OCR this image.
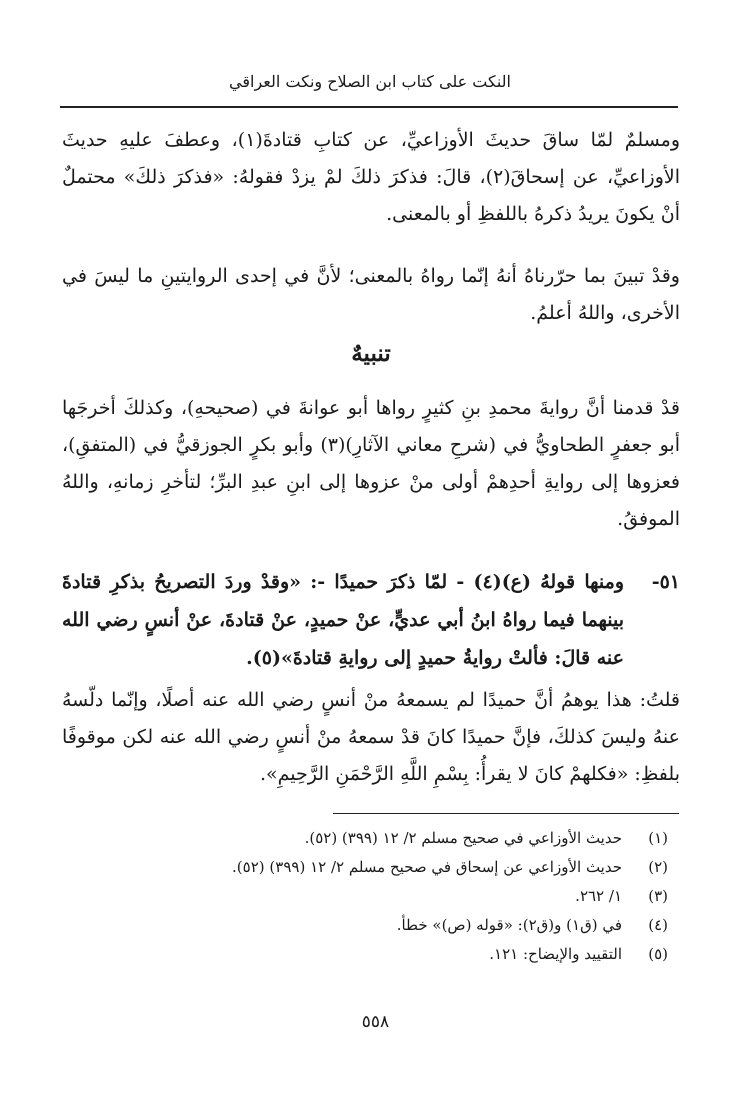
النكت على كتاب ابن الصلاح ونكت العراقي
ومسلمٌ لمّا ساقَ حديثَ الأوزاعيِّ، عن كتابِ قتادةَ(١)، وعطفَ عليهِ حديثَ الأوزاعيِّ، عن إسحاقَ(٢)، قالَ: فذكرَ ذلكَ لمْ يزدْ فقولهُ: «فذكرَ ذلكَ» محتملٌ أنْ يكونَ يريدُ ذكرهُ باللفظِ أو بالمعنى.
وقدْ تبينَ بما حرّرناهُ أنهُ إنّما رواهُ بالمعنى؛ لأنَّ في إحدى الروايتينِ ما ليسَ في الأخرى، واللهُ أعلمُ.
تنبيهٌ
قدْ قدمنا أنَّ روايةَ محمدِ بنِ كثيرٍ رواها أبو عوانةَ في (صحيحهِ)، وكذلكَ أخرجَها أبو جعفرٍ الطحاويُّ في (شرحِ معاني الآثارِ)(٣) وأبو بكرٍ الجوزقيُّ في (المتفقِ)، فعزوها إلى روايةِ أحدِهمْ أولى منْ عزوها إلى ابنِ عبدِ البرِّ؛ لتأخرِ زمانهِ، واللهُ الموفقُ.
٥١-
ومنها قولهُ (ع)(٤) - لمّا ذكرَ حميدًا -: «وقدْ وردَ التصريحُ بذكرِ قتادةَ بينهما فيما رواهُ ابنُ أبي عديٍّ، عنْ حميدٍ، عنْ قتادةَ، عنْ أنسٍ رضي الله عنه قالَ: فألتْ روايةُ حميدٍ إلى روايةِ قتادةَ»(٥).
قلتُ: هذا يوهمُ أنَّ حميدًا لم يسمعهُ منْ أنسٍ رضي الله عنه أصلًا، وإنّما دلّسهُ عنهُ وليسَ كذلكَ، فإنَّ حميدًا كانَ قدْ سمعهُ منْ أنسٍ رضي الله عنه لكن موقوفًا بلفظِ: «فكلهمْ كانَ لا يقرأُ: بِسْمِ اللَّهِ الرَّحْمَنِ الرَّحِيمِ».
(١)
حديث الأوزاعي في صحيح مسلم ٢/ ١٢ (٣٩٩) (٥٢).
(٢)
حديث الأوزاعي عن إسحاق في صحيح مسلم ٢/ ١٢ (٣٩٩) (٥٢).
(٣)
١/ ٢٦٢.
(٤)
في (ق١) و(ق٢): «قوله (ص)» خطأ.
(٥)
التقييد والإيضاح: ١٢١.
٥٥٨
